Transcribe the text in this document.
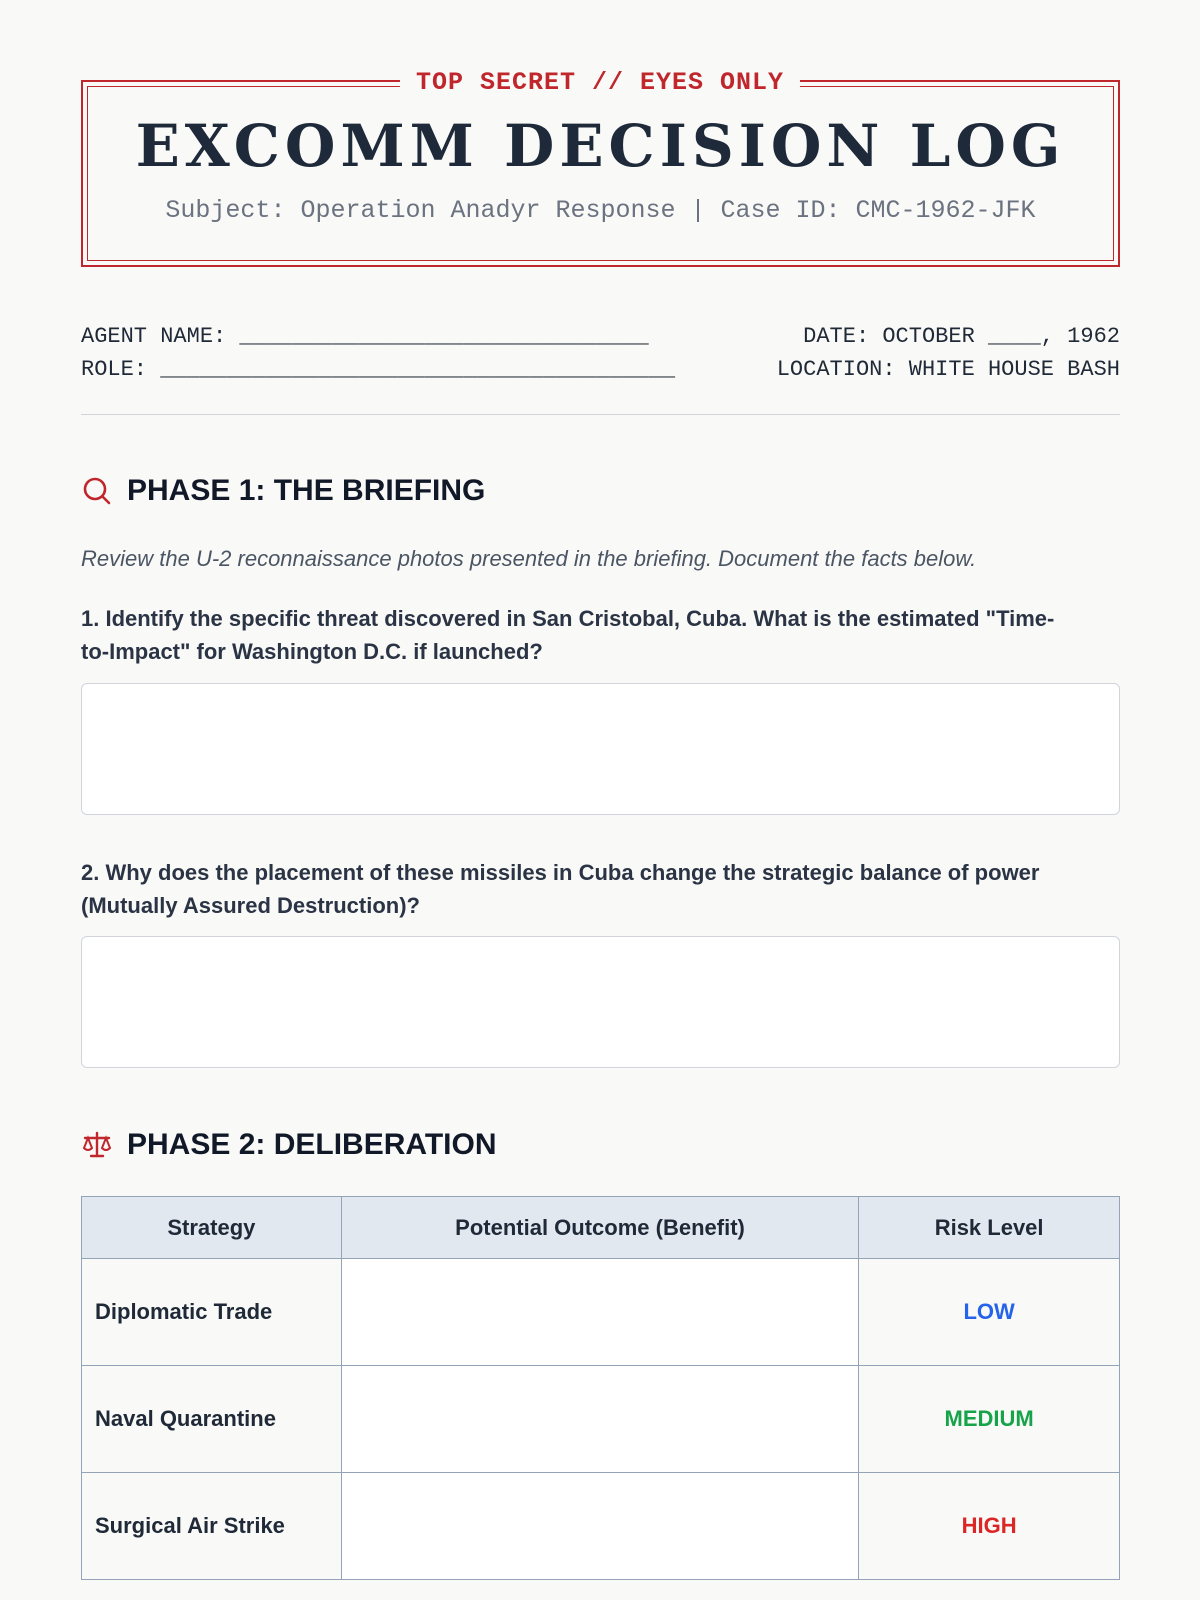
TOP SECRET // EYES ONLY
EXCOMM DECISION LOG
Subject: Operation Anadyr Response | Case ID: CMC-1962-JFK
AGENT NAME: _______________________________
ROLE: _______________________________________
DATE: OCTOBER ____, 1962
LOCATION: WHITE HOUSE BASH
PHASE 1: THE BRIEFING
Review the U-2 reconnaissance photos presented in the briefing. Document the facts below.
1. Identify the specific threat discovered in San Cristobal, Cuba. What is the estimated "Time-to-Impact" for Washington D.C. if launched?
2. Why does the placement of these missiles in Cuba change the strategic balance of power (Mutually Assured Destruction)?
PHASE 2: DELIBERATION
Strategy	Potential Outcome (Benefit)	Risk Level
Diplomatic Trade		LOW
Naval Quarantine		MEDIUM
Surgical Air Strike		HIGH
